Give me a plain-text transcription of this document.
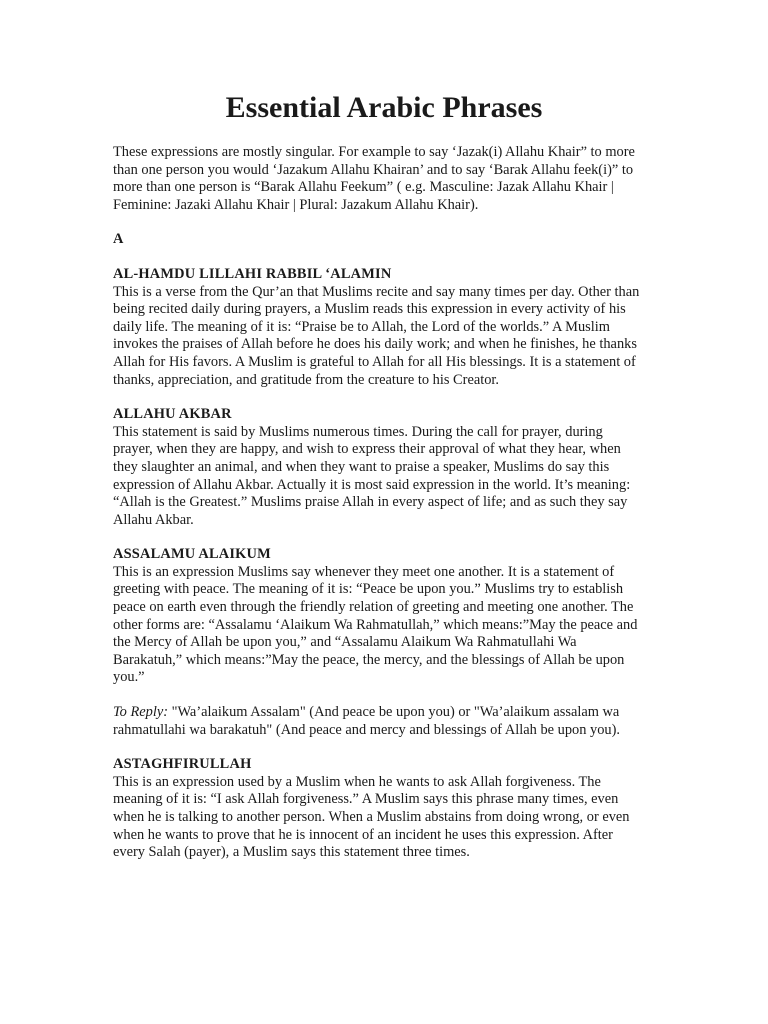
Essential Arabic Phrases

These expressions are mostly singular. For example to say ‘Jazak(i) Allahu Khair” to more than one person you would ‘Jazakum Allahu Khairan’ and to say ‘Barak Allahu feek(i)” to more than one person is “Barak Allahu Feekum” ( e.g. Masculine: Jazak Allahu Khair | Feminine: Jazaki Allahu Khair | Plural: Jazakum Allahu Khair).

A

AL-HAMDU LILLAHI RABBIL ‘ALAMIN

This is a verse from the Qur’an that Muslims recite and say many times per day. Other than being recited daily during prayers, a Muslim reads this expression in every activity of his daily life. The meaning of it is: “Praise be to Allah, the Lord of the worlds.” A Muslim invokes the praises of Allah before he does his daily work; and when he finishes, he thanks Allah for His favors. A Muslim is grateful to Allah for all His blessings. It is a statement of thanks, appreciation, and gratitude from the creature to his Creator.

ALLAHU AKBAR

This statement is said by Muslims numerous times. During the call for prayer, during prayer, when they are happy, and wish to express their approval of what they hear, when they slaughter an animal, and when they want to praise a speaker, Muslims do say this expression of Allahu Akbar. Actually it is most said expression in the world. It’s meaning: “Allah is the Greatest.” Muslims praise Allah in every aspect of life; and as such they say Allahu Akbar.

ASSALAMU ALAIKUM

This is an expression Muslims say whenever they meet one another. It is a statement of greeting with peace. The meaning of it is: “Peace be upon you.” Muslims try to establish peace on earth even through the friendly relation of greeting and meeting one another. The other forms are: “Assalamu ‘Alaikum Wa Rahmatullah,” which means:”May the peace and the Mercy of Allah be upon you,” and “Assalamu Alaikum Wa Rahmatullahi Wa Barakatuh,” which means:”May the peace, the mercy, and the blessings of Allah be upon you.”

To Reply: "Wa’alaikum Assalam" (And peace be upon you) or "Wa’alaikum assalam wa rahmatullahi wa barakatuh" (And peace and mercy and blessings of Allah be upon you).

ASTAGHFIRULLAH

This is an expression used by a Muslim when he wants to ask Allah forgiveness. The meaning of it is: “I ask Allah forgiveness.” A Muslim says this phrase many times, even when he is talking to another person. When a Muslim abstains from doing wrong, or even when he wants to prove that he is innocent of an incident he uses this expression. After every Salah (payer), a Muslim says this statement three times.
